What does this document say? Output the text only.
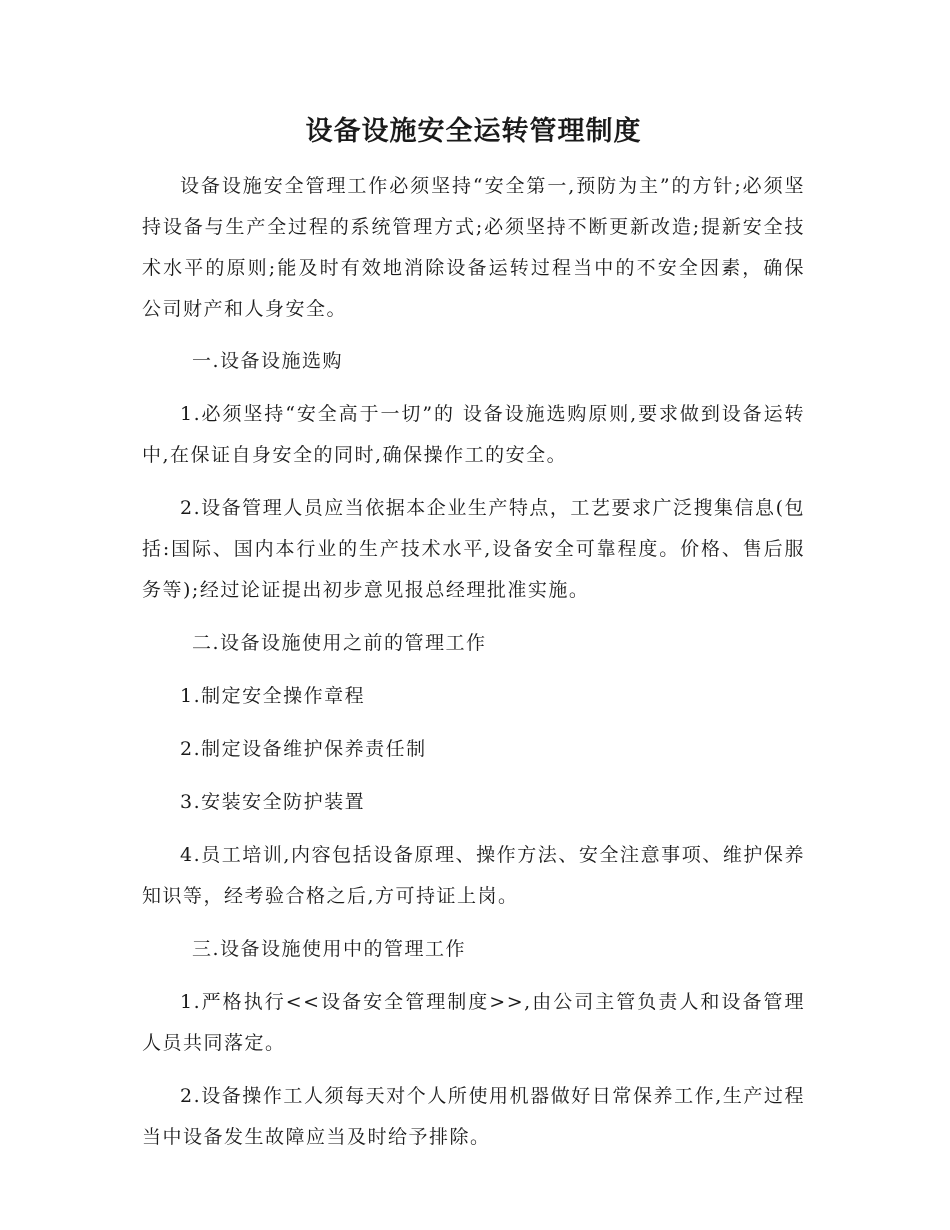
设备设施安全运转管理制度

设备设施安全管理工作必须坚持“安全第一,预防为主”的方针;必须坚持设备与生产全过程的系统管理方式;必须坚持不断更新改造;提新安全技术水平的原则;能及时有效地消除设备运转过程当中的不安全因素，确保公司财产和人身安全。

一.设备设施选购

1.必须坚持“安全高于一切”的 设备设施选购原则,要求做到设备运转中,在保证自身安全的同时,确保操作工的安全。

2.设备管理人员应当依据本企业生产特点，工艺要求广泛搜集信息(包括:国际、国内本行业的生产技术水平,设备安全可靠程度。价格、售后服务等);经过论证提出初步意见报总经理批准实施。

二.设备设施使用之前的管理工作

1.制定安全操作章程

2.制定设备维护保养责任制

3.安装安全防护装置

4.员工培训,内容包括设备原理、操作方法、安全注意事项、维护保养知识等，经考验合格之后,方可持证上岗。

三.设备设施使用中的管理工作

1.严格执行<<设备安全管理制度>>,由公司主管负责人和设备管理人员共同落定。

2.设备操作工人须每天对个人所使用机器做好日常保养工作,生产过程当中设备发生故障应当及时给予排除。
